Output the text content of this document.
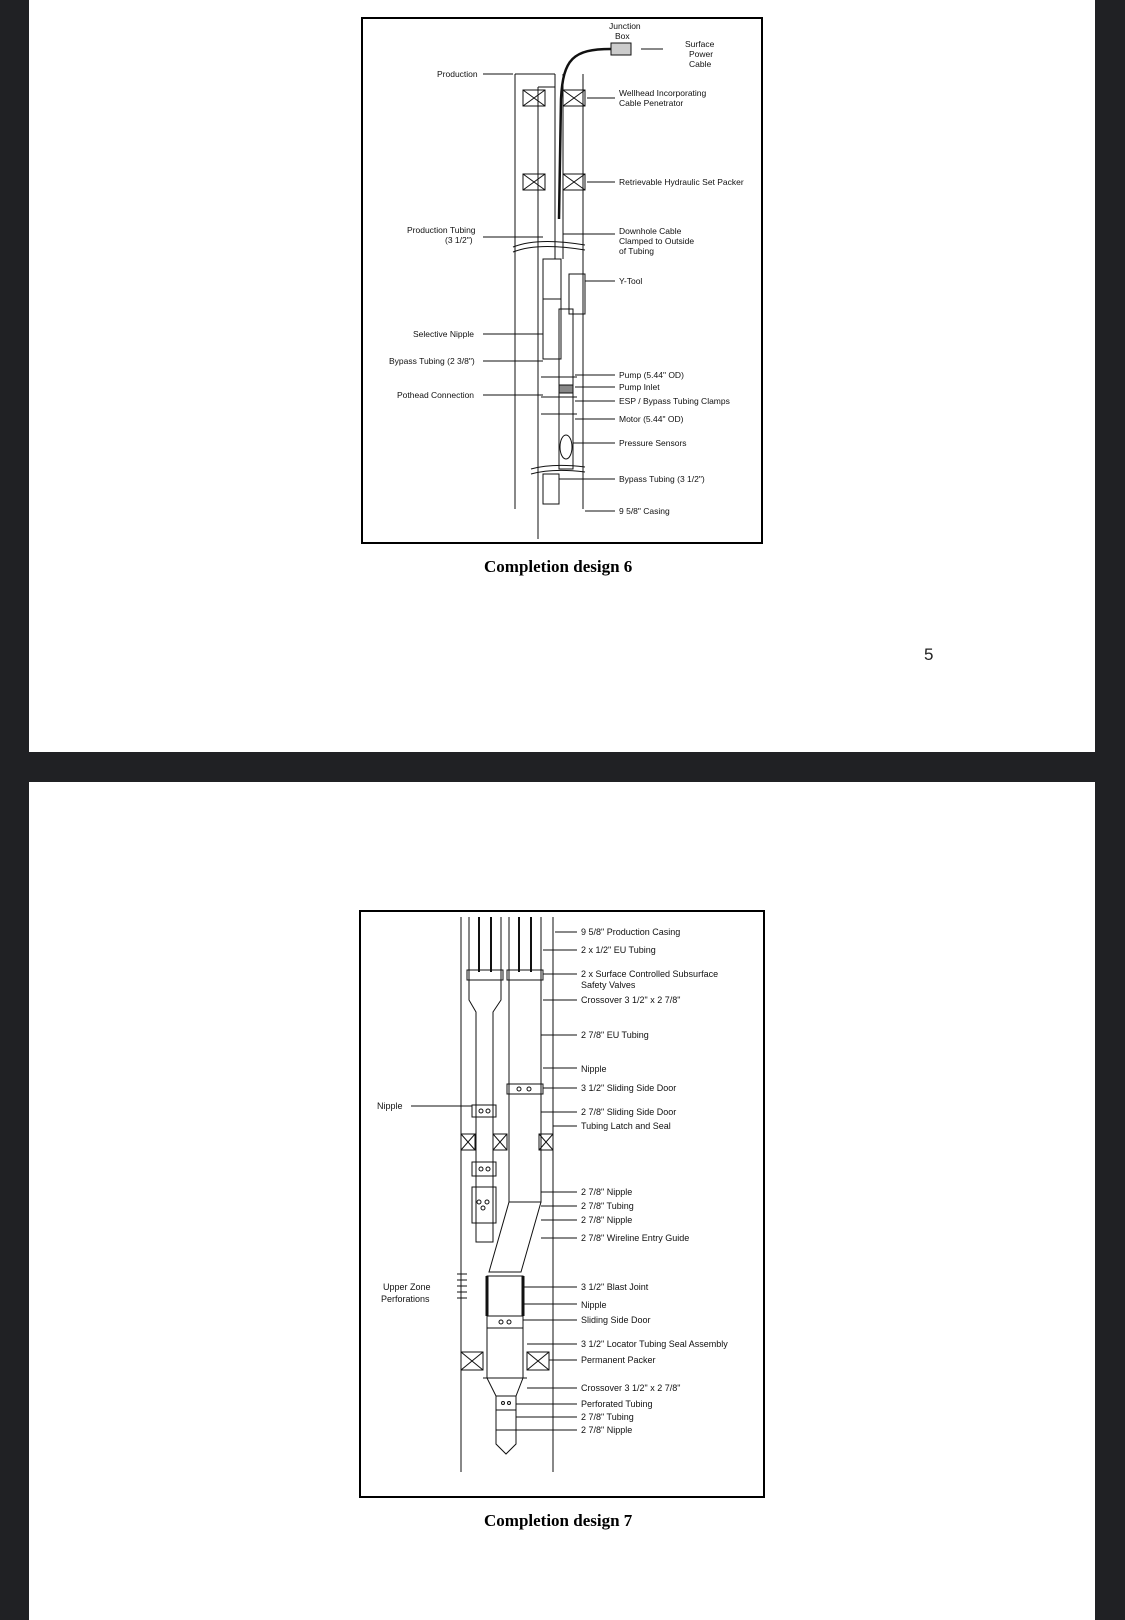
Junction
Box
Surface
Power
Cable
Production
Wellhead Incorporating
Cable Penetrator
Retrievable Hydraulic Set Packer
Production Tubing
(3 1/2")
Downhole Cable
Clamped to Outside
of Tubing
Y-Tool
Selective Nipple
Bypass Tubing (2 3/8")
Pothead Connection
Pump (5.44" OD)
Pump Inlet
ESP / Bypass Tubing Clamps
Motor (5.44" OD)
Pressure Sensors
Bypass Tubing (3 1/2")
9 5/8" Casing
Completion design 6
5
9 5/8" Production Casing
2 x 1/2" EU Tubing
2 x Surface Controlled Subsurface
Safety Valves
Crossover 3 1/2" x 2 7/8"
2 7/8" EU Tubing
Nipple
3 1/2" Sliding Side Door
Nipple
2 7/8" Sliding Side Door
Tubing Latch and Seal
2 7/8" Nipple
2 7/8" Tubing
2 7/8" Nipple
2 7/8" Wireline Entry Guide
Upper Zone
Perforations
3 1/2" Blast Joint
Nipple
Sliding Side Door
3 1/2" Locator Tubing Seal Assembly
Permanent Packer
Crossover 3 1/2" x 2 7/8"
Perforated Tubing
2 7/8" Tubing
2 7/8" Nipple
Completion design 7
